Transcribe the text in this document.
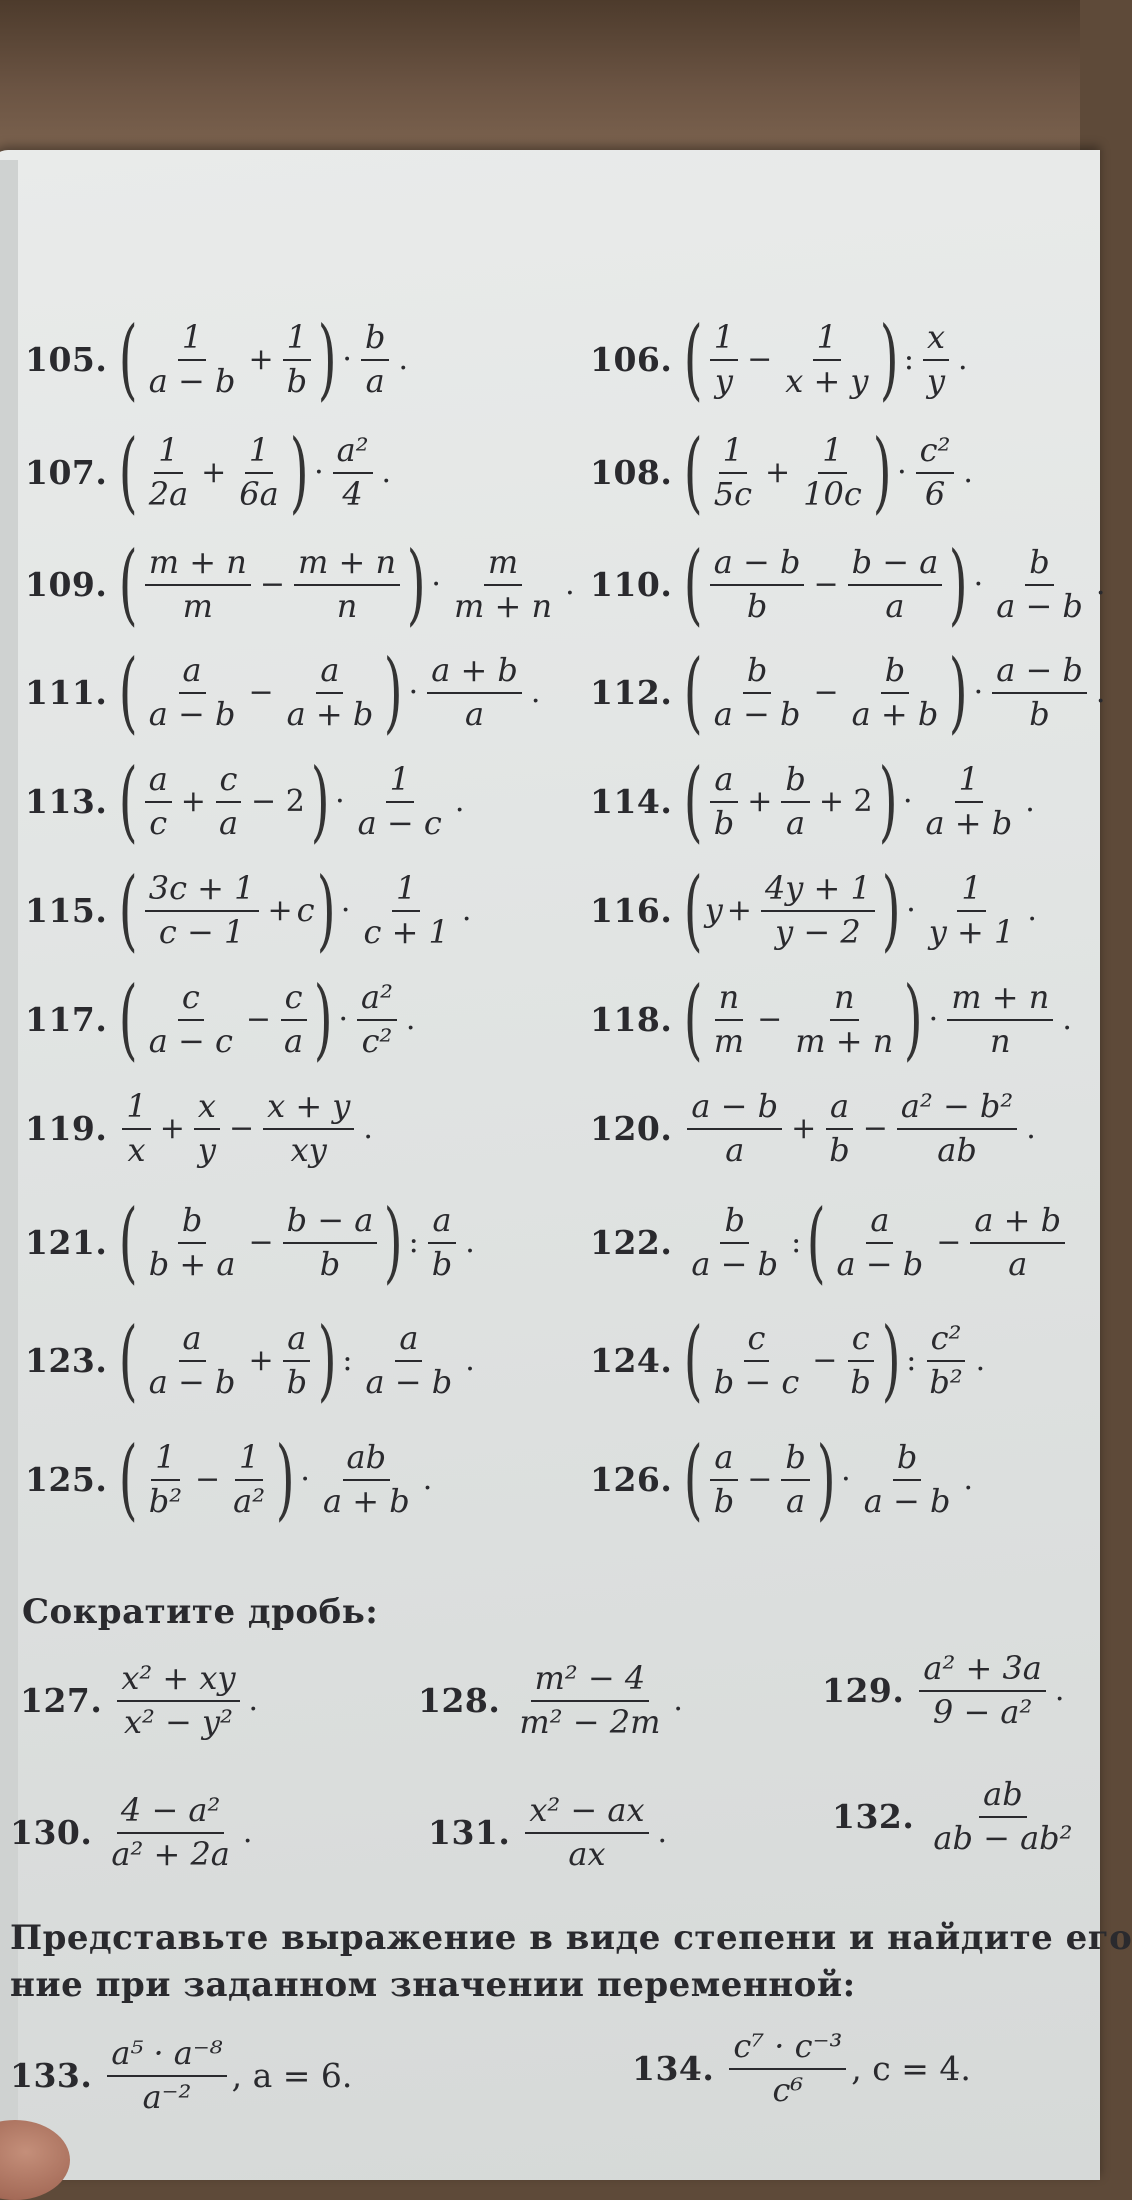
105. ( $\frac{1}{a - b} + \frac{1}{b}$ ) · $\frac{b}{a}$ .	106. ( $\frac{1}{y} - \frac{1}{x + y}$ ) : $\frac{x}{y}$ .
107. ( $\frac{1}{2a} + \frac{1}{6a}$ ) · $\frac{\text{a²}}{4}$ .	108. ( $\frac{1}{5c} + \frac{1}{10c}$ ) · $\frac{\text{c²}}{6}$ .
109. ( $\frac{m + n}{m} - \frac{m + n}{n}$ ) · $\frac{m}{m + n}$ . 110. ( $\frac{a - b}{b} - \frac{b - a}{a}$ ) · $\frac{b}{a - b}$ .
111. ( $\frac{a}{a - b} - \frac{a}{a + b}$ ) · $\frac{a + b}{a}$ . 112. ( $\frac{b}{a - b} - \frac{b}{a + b}$ ) · $\frac{a - b}{b}$ .
113. ( $\frac{a}{c} + \frac{c}{a} - 2$ ) · $\frac{1}{a - c}$ .	114. ( $\frac{a}{b} + \frac{b}{a} + 2$ ) · $\frac{1}{a + b}$ .
115. ( $\frac{3c + 1}{c - 1} + c$ ) · $\frac{1}{c + 1}$ .	116. ( $y + \frac{4y + 1}{y - 2}$ ) · $\frac{1}{y + 1}$ .
117. ( $\frac{c}{a - c} - \frac{c}{a}$ ) · $\frac{\text{a²}}{\text{c²}}$ .	118. ( $\frac{n}{m} - \frac{n}{m + n}$ ) · $\frac{m + n}{n}$ .
119. $\frac{1}{x} + \frac{x}{y} - \frac{x + y}{xy}$ .	120. $\frac{a - b}{a} + \frac{a}{b} - \frac{\text{a² − b²}}{ab}$ .
121. ( $\frac{b}{b + a} - \frac{b - a}{b}$ ) : $\frac{a}{b}$ .	122. $\frac{b}{a - b}$ : ( $\frac{a}{a - b} - \frac{a + b}{a}$
123. ( $\frac{a}{a - b} + \frac{a}{b}$ ) : $\frac{a}{a - b}$ .	124. ( $\frac{c}{b - c} - \frac{c}{b}$ ) : $\frac{\text{c²}}{\text{b²}}$ .
125. ( $\frac{1}{\text{b²}} - \frac{1}{\text{a²}}$ ) · $\frac{ab}{a + b}$ .	126. ( $\frac{a}{b} - \frac{b}{a}$ ) · $\frac{b}{a - b}$ .
Сократите дробь:
127. $\frac{\text{x² + xy}}{\text{x² − y²}}$ .	128. $\frac{\text{m² − 4}}{\text{m² − 2m}}$ .	129. $\frac{\text{a² + 3a}}{\text{9 − a²}}$ .
130. $\frac{\text{4 − a²}}{\text{a² + 2a}}$ .	131. $\frac{\text{x² − ax}}{ax}$ .	132. $\frac{ab}{\text{ab − ab²}}$
Представьте выражение в виде степени и найдите его
ние при заданном значении переменной:
133. $\frac{\text{a⁵ · a⁻⁸}}{\text{a⁻²}}$ , a = 6.	134. $\frac{\text{c⁷ · c⁻³}}{\text{c⁶}}$ , c = 4.
